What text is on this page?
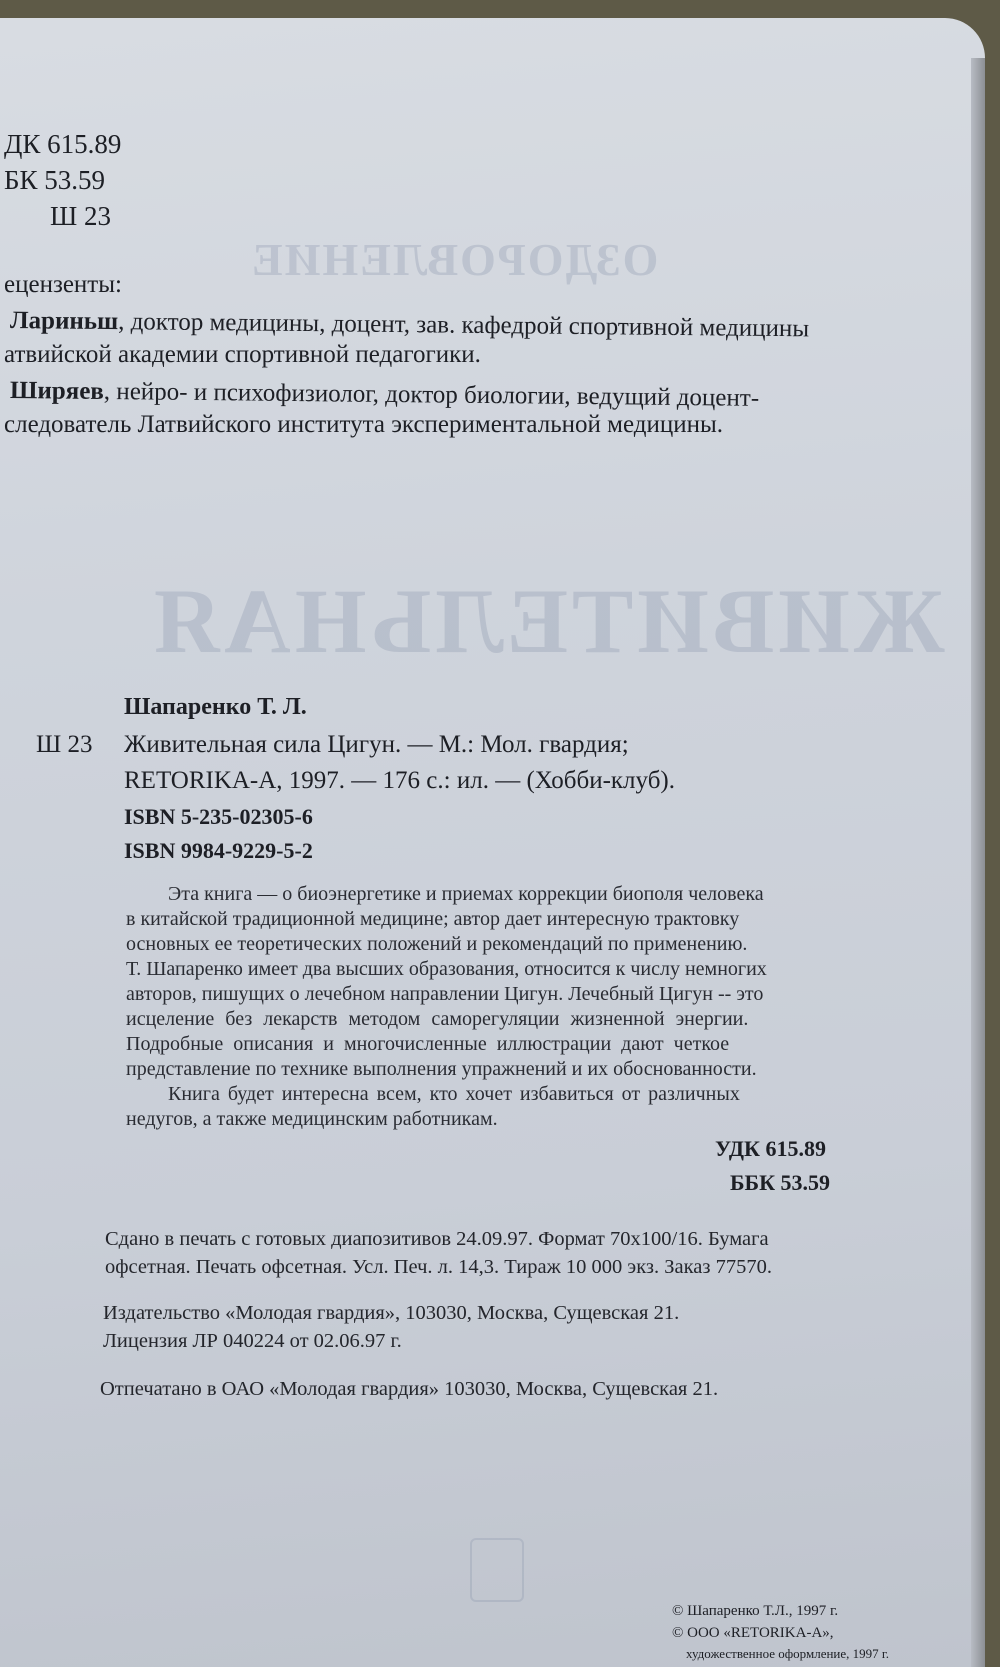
ОЗДОРОВЛЕНИЕ
ЖИВИТЕЛЬНАЯ
ДК 615.89
БК 53.59
Ш 23
ецензенты:
Лариньш, доктор медицины, доцент, зав. кафедрой спортивной медицины
атвийской академии спортивной педагогики.
Ширяев, нейро- и психофизиолог, доктор биологии, ведущий доцент-
следователь Латвийского института экспериментальной медицины.
Шапаренко Т. Л.
Ш 23 Живительная сила Цигун. — М.: Мол. гвардия;
RETORIKA-A, 1997. — 176 с.: ил. — (Хобби-клуб).
ISBN 5-235-02305-6
ISBN 9984-9229-5-2
Эта книга — о биоэнергетике и приемах коррекции биополя человека
в китайской традиционной медицине; автор дает интересную трактовку
основных ее теоретических положений и рекомендаций по применению.
Т. Шапаренко имеет два высших образования, относится к числу немногих
авторов, пишущих о лечебном направлении Цигун. Лечебный Цигун -- это
исцеление без лекарств методом саморегуляции жизненной энергии.
Подробные описания и многочисленные иллюстрации дают четкое
представление по технике выполнения упражнений и их обоснованности.
Книга будет интересна всем, кто хочет избавиться от различных
недугов, а также медицинским работникам.
УДК 615.89
ББК 53.59
Сдано в печать с готовых диапозитивов 24.09.97. Формат 70x100/16. Бумага
офсетная. Печать офсетная. Усл. Печ. л. 14,3. Тираж 10 000 экз. Заказ 77570.
Издательство «Молодая гвардия», 103030, Москва, Сущевская 21.
Лицензия ЛР 040224 от 02.06.97 г.
Отпечатано в ОАО «Молодая гвардия» 103030, Москва, Сущевская 21.
© Шапаренко Т.Л., 1997 г.
© ООО «RETORIKA-A»,
художественное оформление, 1997 г.
